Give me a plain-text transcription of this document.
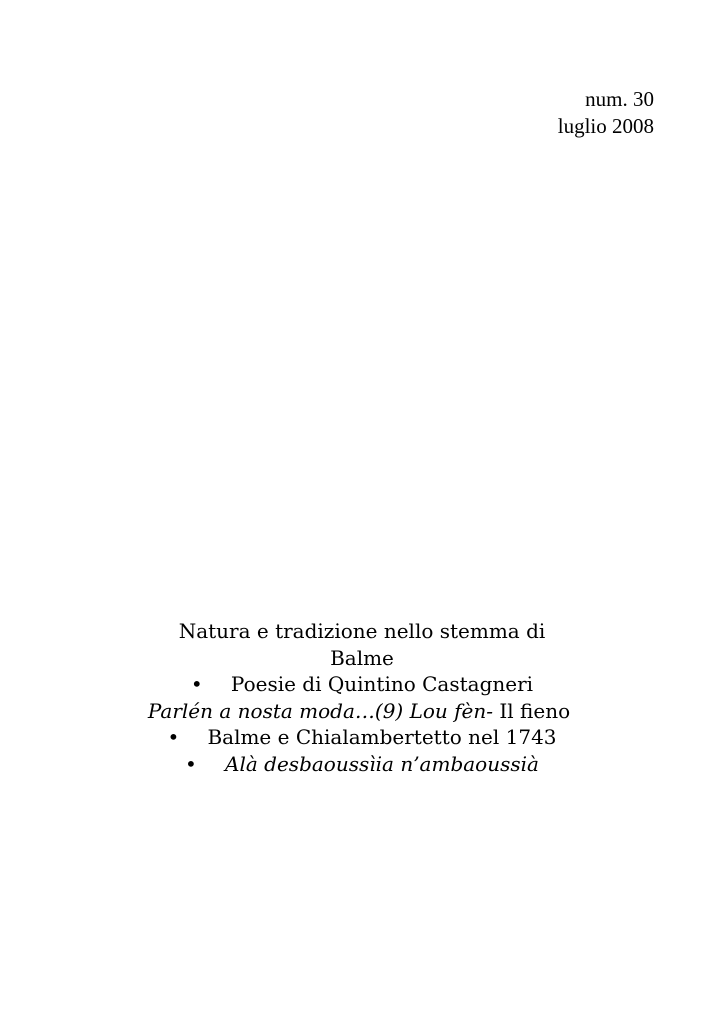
num. 30
luglio 2008
Natura e tradizione nello stemma di
Balme
• Poesie di Quintino Castagneri
Parlén a nosta moda…(9) Lou fèn- Il fieno
• Balme e Chialambertetto nel 1743
• Alà desbaoussìia n’ambaoussià
